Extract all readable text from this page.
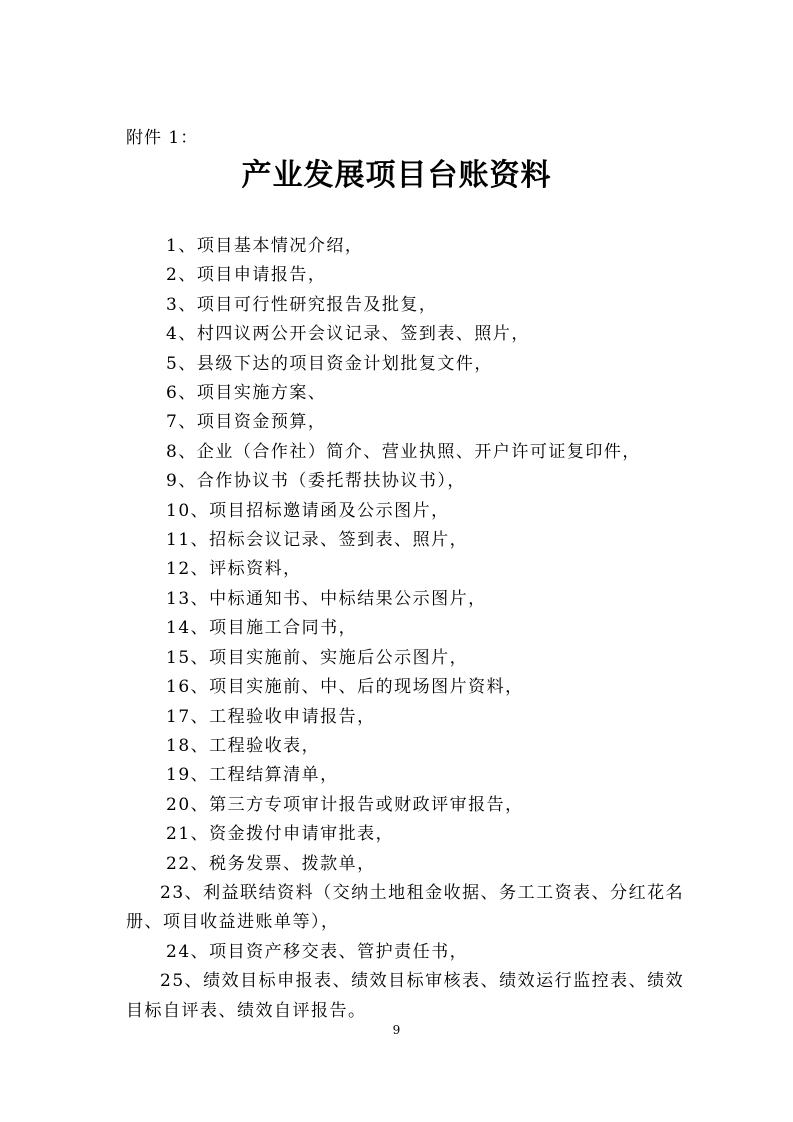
附件 1：
产业发展项目台账资料
1、项目基本情况介绍，
2、项目申请报告，
3、项目可行性研究报告及批复，
4、村四议两公开会议记录、签到表、照片，
5、县级下达的项目资金计划批复文件，
6、项目实施方案、
7、项目资金预算，
8、企业（合作社）简介、营业执照、开户许可证复印件，
9、合作协议书（委托帮扶协议书），
10、项目招标邀请函及公示图片，
11、招标会议记录、签到表、照片，
12、评标资料，
13、中标通知书、中标结果公示图片，
14、项目施工合同书，
15、项目实施前、实施后公示图片，
16、项目实施前、中、后的现场图片资料，
17、工程验收申请报告，
18、工程验收表，
19、工程结算清单，
20、第三方专项审计报告或财政评审报告，
21、资金拨付申请审批表，
22、税务发票、拨款单，
23、利益联结资料（交纳土地租金收据、务工工资表、分红花名册、项目收益进账单等），
24、项目资产移交表、管护责任书，
25、绩效目标申报表、绩效目标审核表、绩效运行监控表、绩效目标自评表、绩效自评报告。
9
